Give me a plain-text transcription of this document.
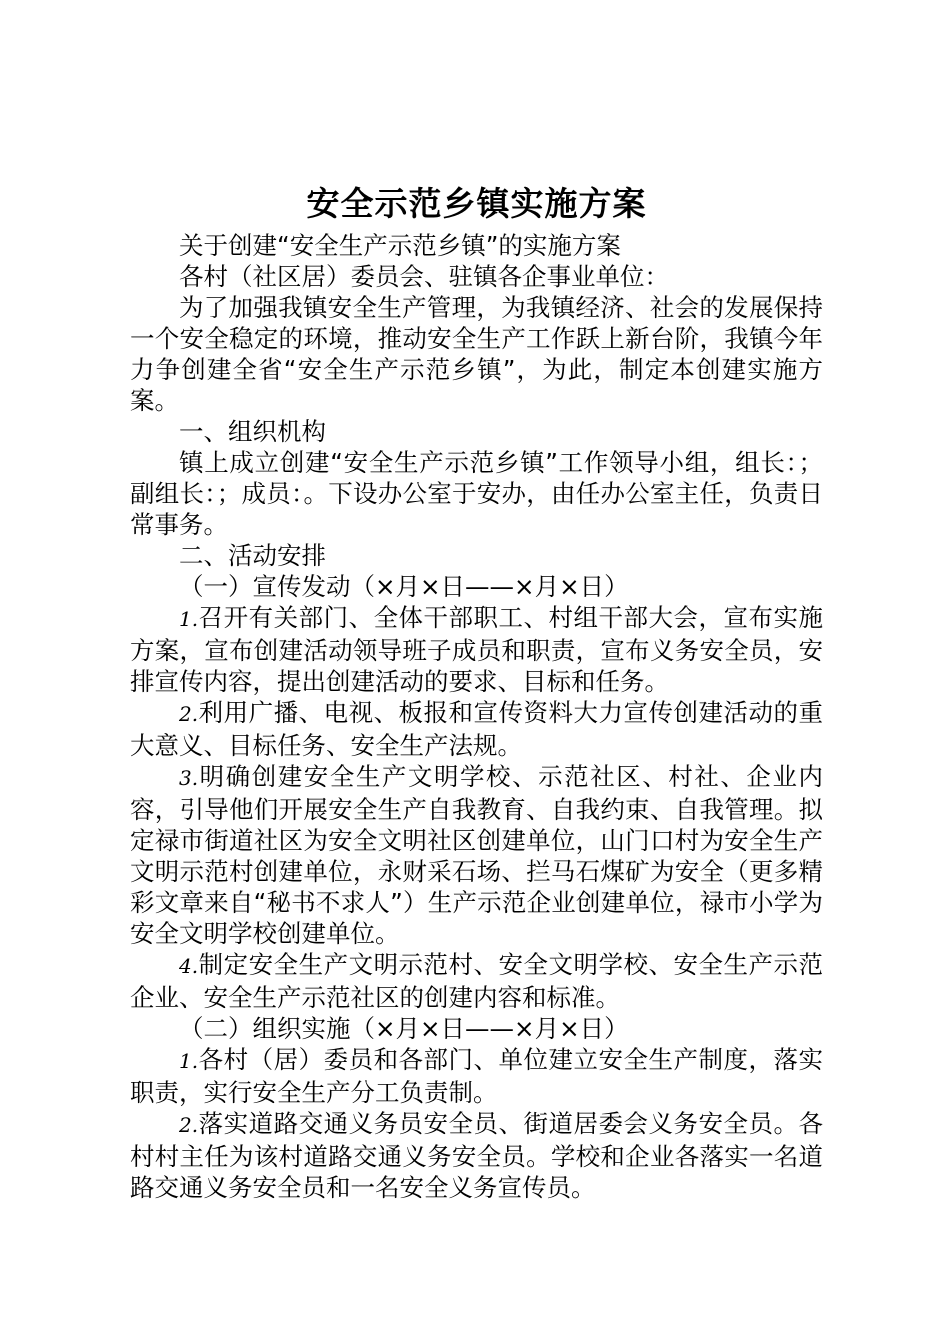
安全示范乡镇实施方案

关于创建“安全生产示范乡镇”的实施方案

各村（社区居）委员会、驻镇各企事业单位：

为了加强我镇安全生产管理，为我镇经济、社会的发展保持一个安全稳定的环境，推动安全生产工作跃上新台阶，我镇今年力争创建全省“安全生产示范乡镇”，为此，制定本创建实施方案。

一、组织机构

镇上成立创建“安全生产示范乡镇”工作领导小组，组长：；副组长：；成员：。下设办公室于安办，由任办公室主任，负责日常事务。

二、活动安排

（一）宣传发动（×月×日——×月×日）

1.召开有关部门、全体干部职工、村组干部大会，宣布实施方案，宣布创建活动领导班子成员和职责，宣布义务安全员，安排宣传内容，提出创建活动的要求、目标和任务。

2.利用广播、电视、板报和宣传资料大力宣传创建活动的重大意义、目标任务、安全生产法规。

3.明确创建安全生产文明学校、示范社区、村社、企业内容，引导他们开展安全生产自我教育、自我约束、自我管理。拟定禄市街道社区为安全文明社区创建单位，山门口村为安全生产文明示范村创建单位，永财采石场、拦马石煤矿为安全（更多精彩文章来自“秘书不求人”）生产示范企业创建单位，禄市小学为安全文明学校创建单位。

4.制定安全生产文明示范村、安全文明学校、安全生产示范企业、安全生产示范社区的创建内容和标准。

（二）组织实施（×月×日——×月×日）

1.各村（居）委员和各部门、单位建立安全生产制度，落实职责，实行安全生产分工负责制。

2.落实道路交通义务员安全员、街道居委会义务安全员。各村村主任为该村道路交通义务安全员。学校和企业各落实一名道路交通义务安全员和一名安全义务宣传员。
